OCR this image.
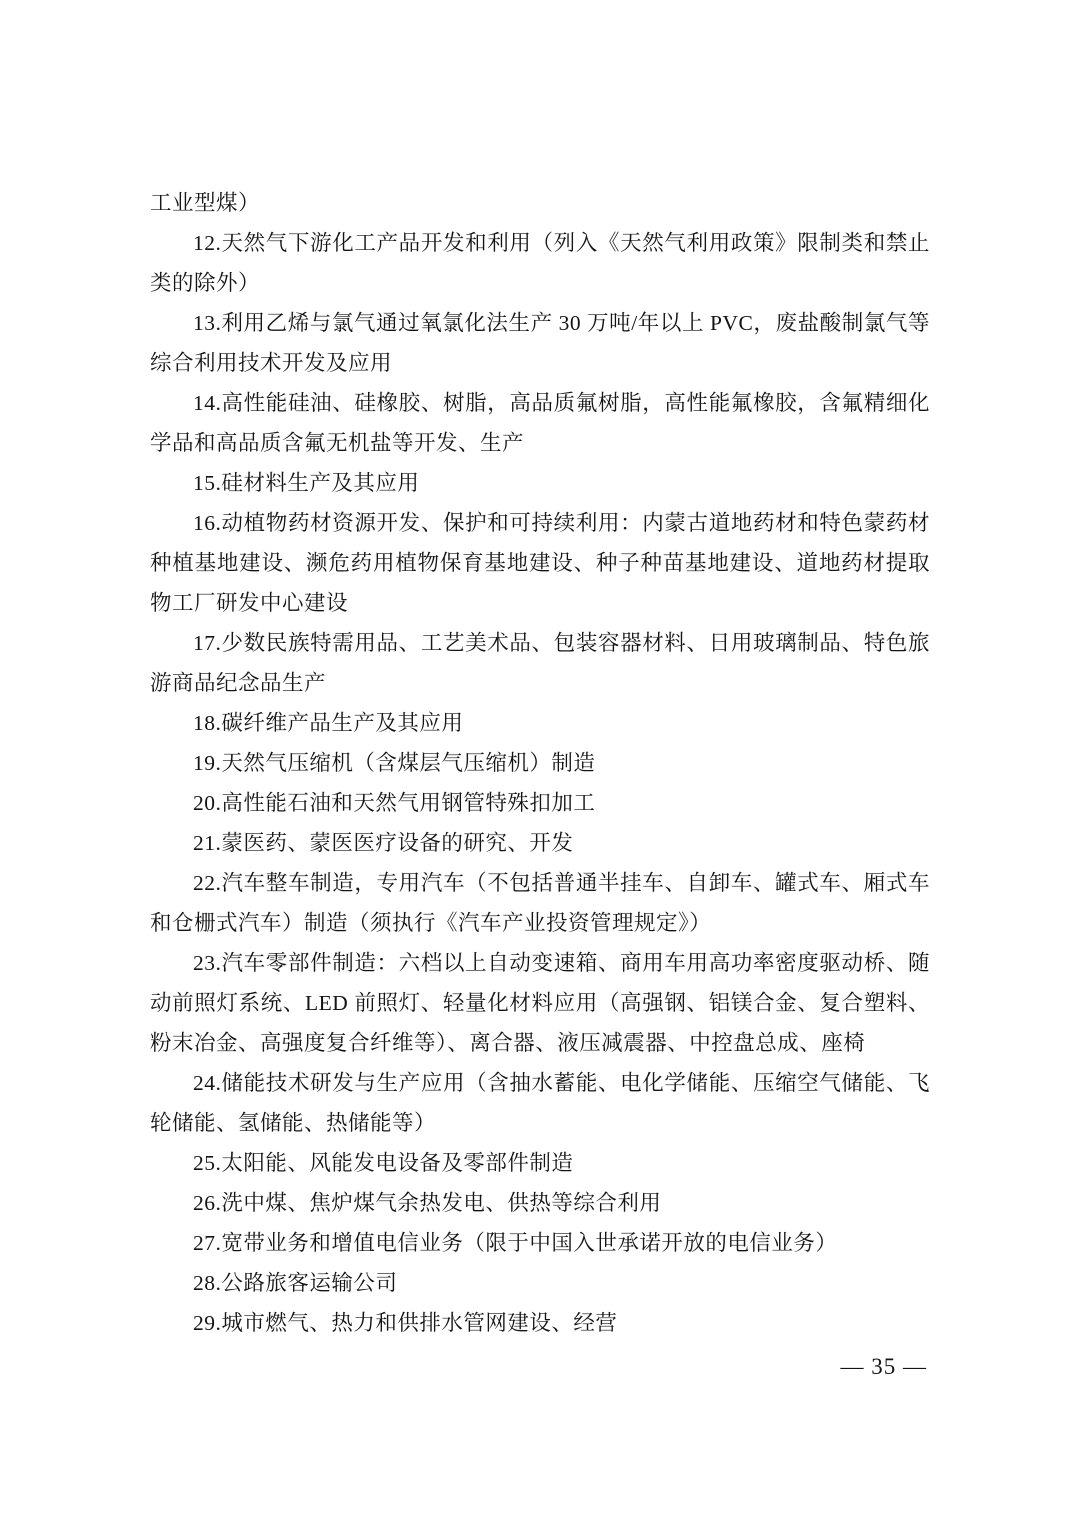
工业型煤）

12.天然气下游化工产品开发和利用（列入《天然气利用政策》限制类和禁止类的除外）

13.利用乙烯与氯气通过氧氯化法生产 30 万吨/年以上 PVC，废盐酸制氯气等综合利用技术开发及应用

14.高性能硅油、硅橡胶、树脂，高品质氟树脂，高性能氟橡胶，含氟精细化学品和高品质含氟无机盐等开发、生产

15.硅材料生产及其应用

16.动植物药材资源开发、保护和可持续利用：内蒙古道地药材和特色蒙药材种植基地建设、濒危药用植物保育基地建设、种子种苗基地建设、道地药材提取物工厂研发中心建设

17.少数民族特需用品、工艺美术品、包装容器材料、日用玻璃制品、特色旅游商品纪念品生产

18.碳纤维产品生产及其应用

19.天然气压缩机（含煤层气压缩机）制造

20.高性能石油和天然气用钢管特殊扣加工

21.蒙医药、蒙医医疗设备的研究、开发

22.汽车整车制造，专用汽车（不包括普通半挂车、自卸车、罐式车、厢式车和仓栅式汽车）制造（须执行《汽车产业投资管理规定》）

23.汽车零部件制造：六档以上自动变速箱、商用车用高功率密度驱动桥、随动前照灯系统、LED 前照灯、轻量化材料应用（高强钢、铝镁合金、复合塑料、粉末冶金、高强度复合纤维等）、离合器、液压减震器、中控盘总成、座椅

24.储能技术研发与生产应用（含抽水蓄能、电化学储能、压缩空气储能、飞轮储能、氢储能、热储能等）

25.太阳能、风能发电设备及零部件制造

26.洗中煤、焦炉煤气余热发电、供热等综合利用

27.宽带业务和增值电信业务（限于中国入世承诺开放的电信业务）

28.公路旅客运输公司

29.城市燃气、热力和供排水管网建设、经营

— 35 —
